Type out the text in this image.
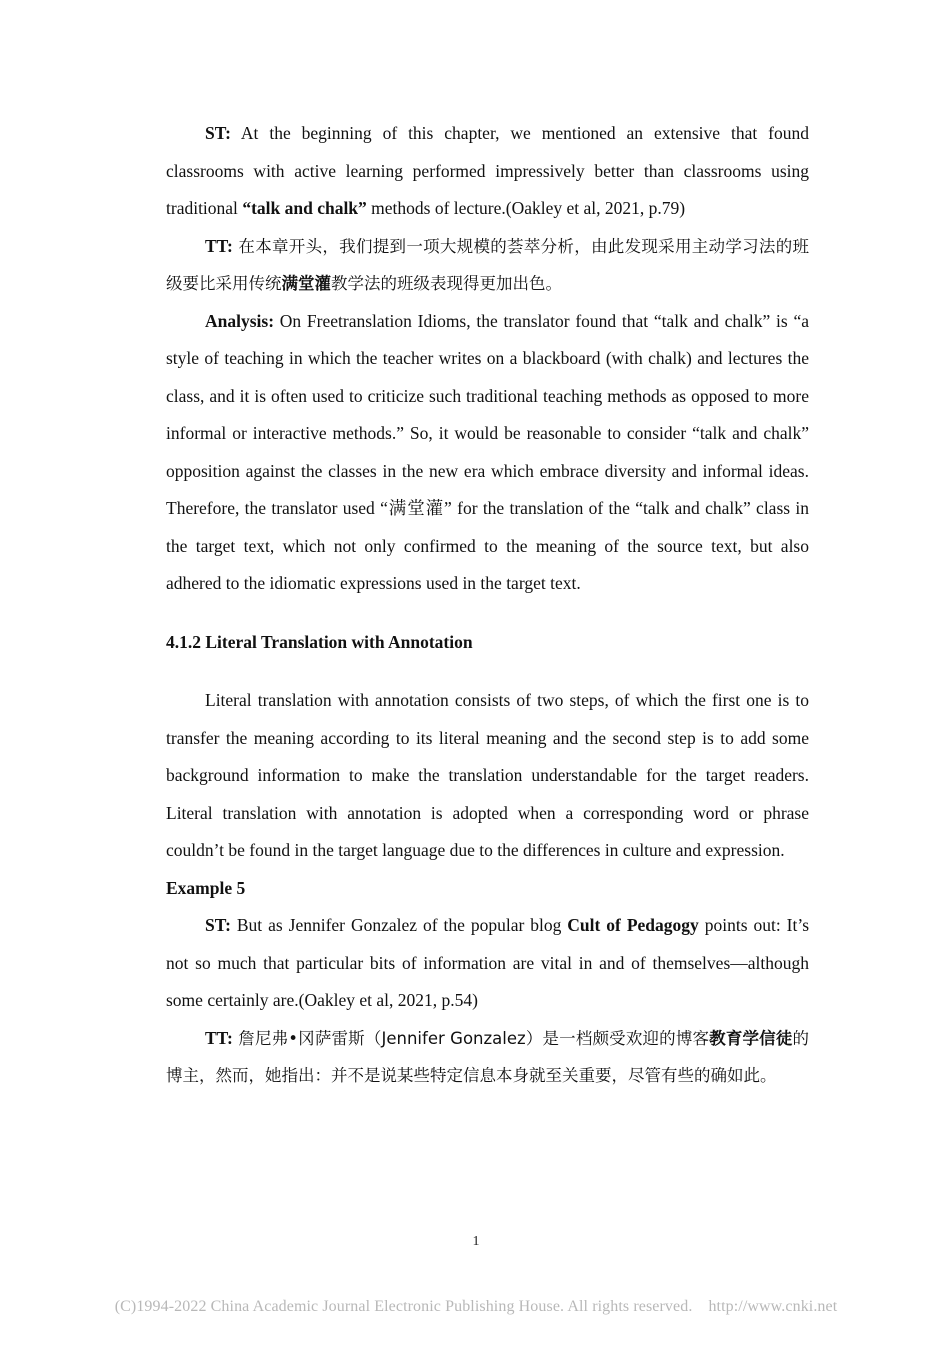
ST: At the beginning of this chapter, we mentioned an extensive that found classrooms with active learning performed impressively better than classrooms using traditional “talk and chalk” methods of lecture.(Oakley et al, 2021, p.79)

TT: 在本章开头，我们提到一项大规模的荟萃分析，由此发现采用主动学习法的班级要比采用传统满堂灌教学法的班级表现得更加出色。

Analysis: On Freetranslation Idioms, the translator found that “talk and chalk” is “a style of teaching in which the teacher writes on a blackboard (with chalk) and lectures the class, and it is often used to criticize such traditional teaching methods as opposed to more informal or interactive methods.” So, it would be reasonable to consider “talk and chalk” opposition against the classes in the new era which embrace diversity and informal ideas. Therefore, the translator used “满堂灌” for the translation of the “talk and chalk” class in the target text, which not only confirmed to the meaning of the source text, but also adhered to the idiomatic expressions used in the target text.

4.1.2 Literal Translation with Annotation

Literal translation with annotation consists of two steps, of which the first one is to transfer the meaning according to its literal meaning and the second step is to add some background information to make the translation understandable for the target readers. Literal translation with annotation is adopted when a corresponding word or phrase couldn’t be found in the target language due to the differences in culture and expression.

Example 5

ST: But as Jennifer Gonzalez of the popular blog Cult of Pedagogy points out: It’s not so much that particular bits of information are vital in and of themselves—although some certainly are.(Oakley et al, 2021, p.54)

TT: 詹尼弗•冈萨雷斯（Jennifer Gonzalez）是一档颇受欢迎的博客教育学信徒的博主，然而，她指出：并不是说某些特定信息本身就至关重要，尽管有些的确如此。

1
(C)1994-2022 China Academic Journal Electronic Publishing House. All rights reserved. http://www.cnki.net
